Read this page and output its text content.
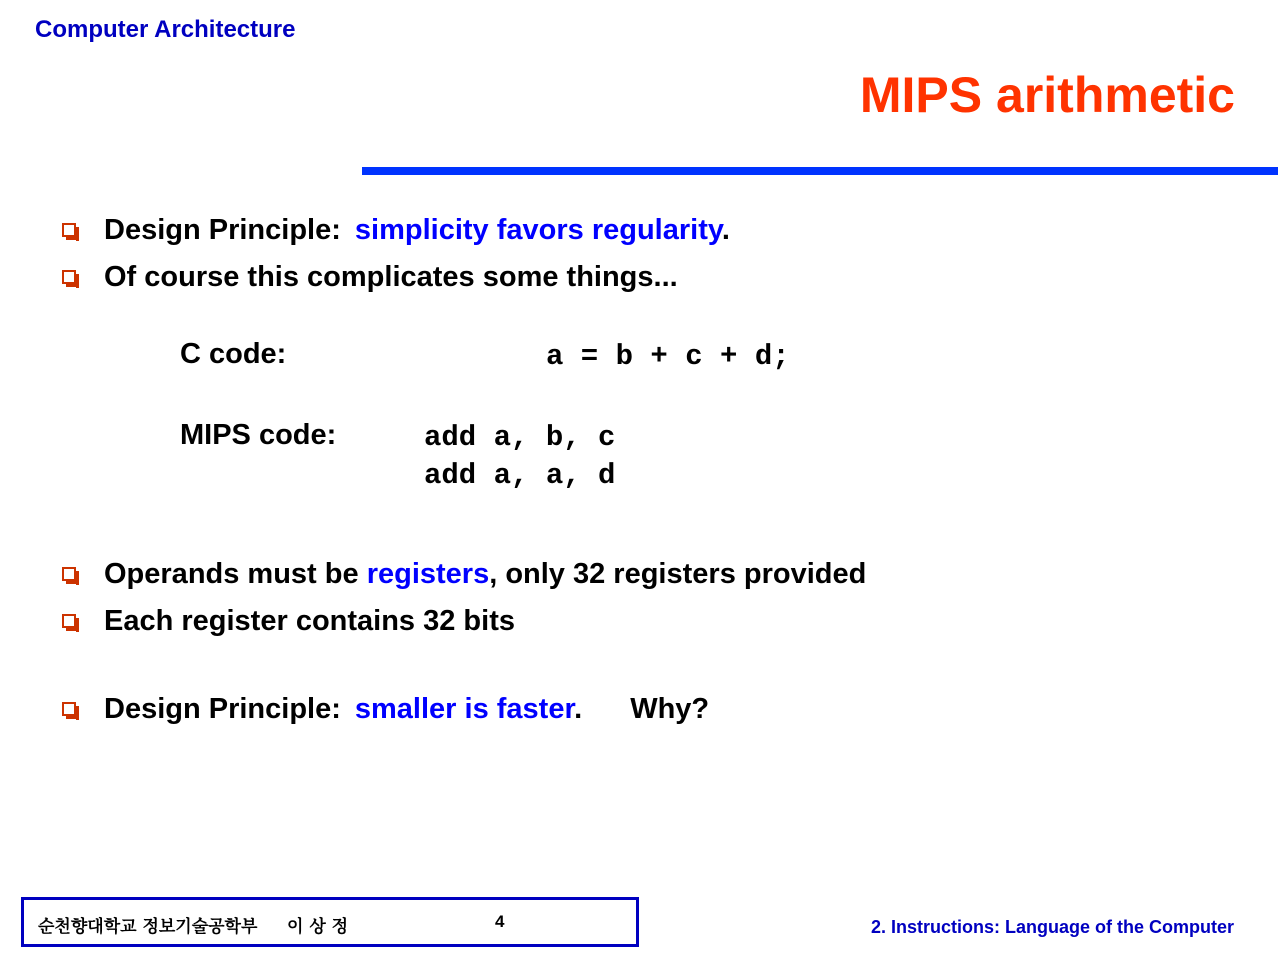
Computer Architecture
MIPS arithmetic
Design Principle: simplicity favors regularity.
Of course this complicates some things...
C code:	a = b + c + d;
MIPS code:	add a, b, c
add a, a, d
Operands must be registers, only 32 registers provided
Each register contains 32 bits
Design Principle: smaller is faster. Why?
순천향대학교 정보기술공학부     이 상 정	4	2. Instructions: Language of the Computer
